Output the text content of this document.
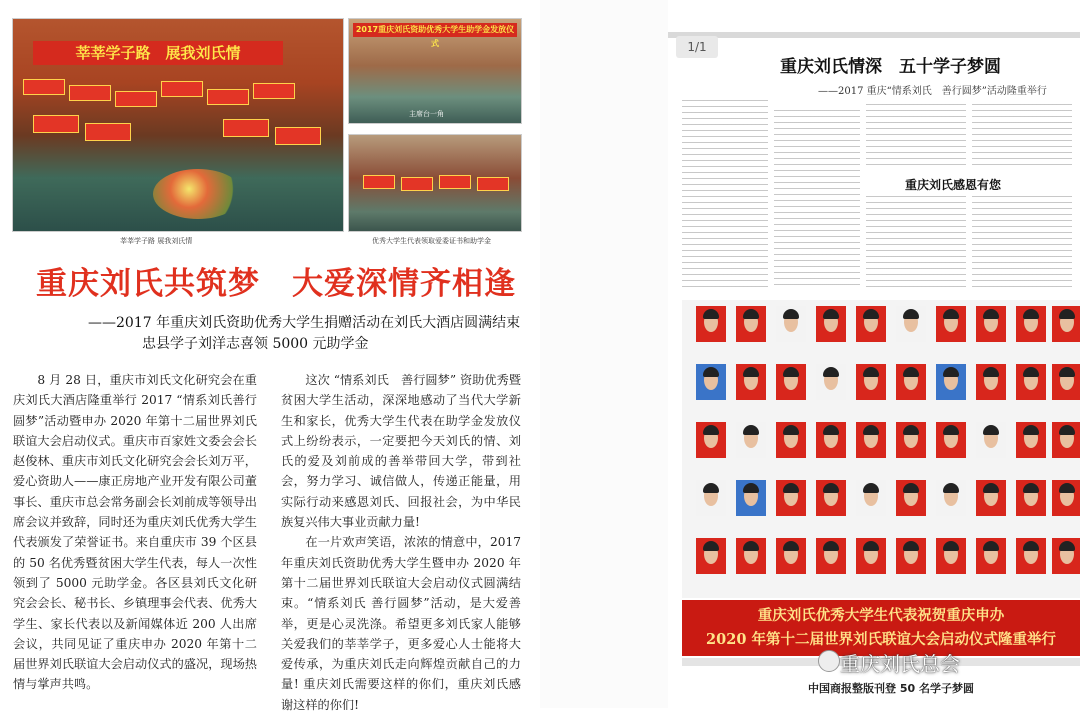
莘莘学子路　展我刘氏情
莘莘学子路 展我刘氏情
2017重庆刘氏资助优秀大学生助学金发放仪式
主席台一角
优秀大学生代表领取爱委证书和助学金
重庆刘氏共筑梦　大爱深情齐相逢
——2017 年重庆刘氏资助优秀大学生捐赠活动在刘氏大酒店圆满结束
忠县学子刘洋志喜领 5000 元助学金

8 月 28 日，重庆市刘氏文化研究会在重庆刘氏大酒店隆重举行 2017 “情系刘氏善行圆梦”活动暨申办 2020 年第十二届世界刘氏联谊大会启动仪式。重庆市百家姓文委会会长赵俊林、重庆市刘氏文化研究会会长刘万平，爱心资助人——康正房地产业开发有限公司董事长、重庆市总会常务副会长刘前成等领导出席会议并致辞，同时还为重庆刘氏优秀大学生代表颁发了荣誉证书。来自重庆市 39 个区县的 50 名优秀暨贫困大学生代表，每人一次性领到了 5000 元助学金。各区县刘氏文化研究会会长、秘书长、乡镇理事会代表、优秀大学生、家长代表以及新闻媒体近 200 人出席会议，共同见证了重庆申办 2020 年第十二届世界刘氏联谊大会启动仪式的盛况，现场热情与掌声共鸣。

这次 “情系刘氏　善行圆梦” 资助优秀暨贫困大学生活动，深深地感动了当代大学新生和家长，优秀大学生代表在助学金发放仪式上纷纷表示，一定要把今天刘氏的情、刘氏的爱及刘前成的善举带回大学，带到社会，努力学习、诚信做人，传递正能量，用实际行动来感恩刘氏、回报社会，为中华民族复兴伟大事业贡献力量!

在一片欢声笑语，浓浓的情意中，2017 年重庆刘氏资助优秀大学生暨申办 2020 年第十二届世界刘氏联谊大会启动仪式圆满结束。“情系刘氏 善行圆梦”活动，是大爱善举，更是心灵洗涤。希望更多刘氏家人能够关爱我们的莘莘学子，更多爱心人士能将大爱传承，为重庆刘氏走向辉煌贡献自己的力量! 重庆刘氏需要这样的你们，重庆刘氏感谢这样的你们!

1/1
重庆刘氏情深　五十学子梦圆
——2017 重庆“情系刘氏　善行圆梦”活动隆重举行
重庆刘氏感恩有您
重庆刘氏优秀大学生代表祝贺重庆申办
2020 年第十二届世界刘氏联谊大会启动仪式隆重举行
重庆刘氏总会
中国商报整版刊登 50 名学子梦圆
